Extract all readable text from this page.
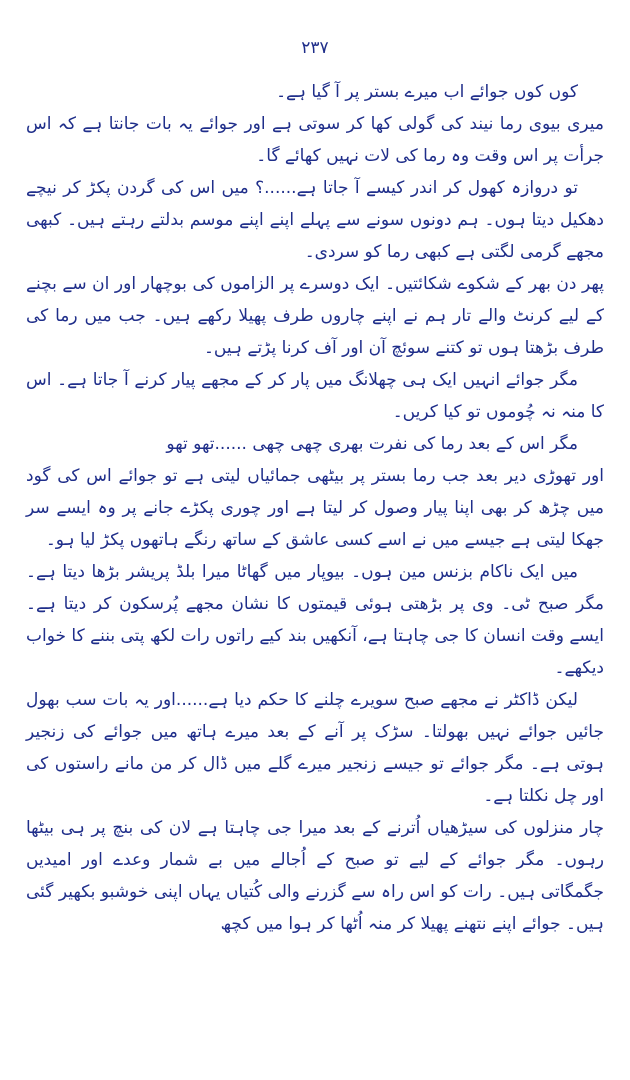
۲۳۷

کوں کوں جوائے اب میرے بستر پر آ گیا ہے۔

میری بیوی رما نیند کی گولی کھا کر سوتی ہے اور جوائے یہ بات جانتا ہے کہ اس جرأت پر اس وقت وہ رما کی لات نہیں کھائے گا۔

تو دروازہ کھول کر اندر کیسے آ جاتا ہے......؟ میں اس کی گردن پکڑ کر نیچے دھکیل دیتا ہوں۔ ہم دونوں سونے سے پہلے اپنے اپنے موسم بدلتے رہتے ہیں۔ کبھی مجھے گرمی لگتی ہے کبھی رما کو سردی۔

پھر دن بھر کے شکوے شکائتیں۔ ایک دوسرے پر الزاموں کی بوچھار اور ان سے بچنے کے لیے کرنٹ والے تار ہم نے اپنے چاروں طرف پھیلا رکھے ہیں۔ جب میں رما کی طرف بڑھتا ہوں تو کتنے سوئچ آن اور آف کرنا پڑتے ہیں۔

مگر جوائے انہیں ایک ہی چھلانگ میں پار کر کے مجھے پیار کرنے آ جاتا ہے۔ اس کا منہ نہ چُوموں تو کیا کریں۔

مگر اس کے بعد رما کی نفرت بھری چھی چھی ......تھو تھو

اور تھوڑی دیر بعد جب رما بستر پر بیٹھی جمائیاں لیتی ہے تو جوائے اس کی گود میں چڑھ کر بھی اپنا پیار وصول کر لیتا ہے اور چوری پکڑے جانے پر وہ ایسے سر جھکا لیتی ہے جیسے میں نے اسے کسی عاشق کے ساتھ رنگے ہاتھوں پکڑ لیا ہو۔

میں ایک ناکام بزنس مین ہوں۔ بیوپار میں گھاٹا میرا بلڈ پریشر بڑھا دیتا ہے۔ مگر صبح ٹی۔ وی پر بڑھتی ہوئی قیمتوں کا نشان مجھے پُرسکون کر دیتا ہے۔ ایسے وقت انسان کا جی چاہتا ہے، آنکھیں بند کیے راتوں رات لکھ پتی بننے کا خواب دیکھے۔

لیکن ڈاکٹر نے مجھے صبح سویرے چلنے کا حکم دیا ہے......اور یہ بات سب بھول جائیں جوائے نہیں بھولتا۔ سڑک پر آنے کے بعد میرے ہاتھ میں جوائے کی زنجیر ہوتی ہے۔ مگر جوائے تو جیسے زنجیر میرے گلے میں ڈال کر من مانے راستوں کی اور چل نکلتا ہے۔

چار منزلوں کی سیڑھیاں اُترنے کے بعد میرا جی چاہتا ہے لان کی بنچ پر ہی بیٹھا رہوں۔ مگر جوائے کے لیے تو صبح کے اُجالے میں بے شمار وعدے اور امیدیں جگمگاتی ہیں۔ رات کو اس راہ سے گزرنے والی کُتیاں یہاں اپنی خوشبو بکھیر گئی ہیں۔ جوائے اپنے نتھنے پھیلا کر منہ اُٹھا کر ہوا میں کچھ
